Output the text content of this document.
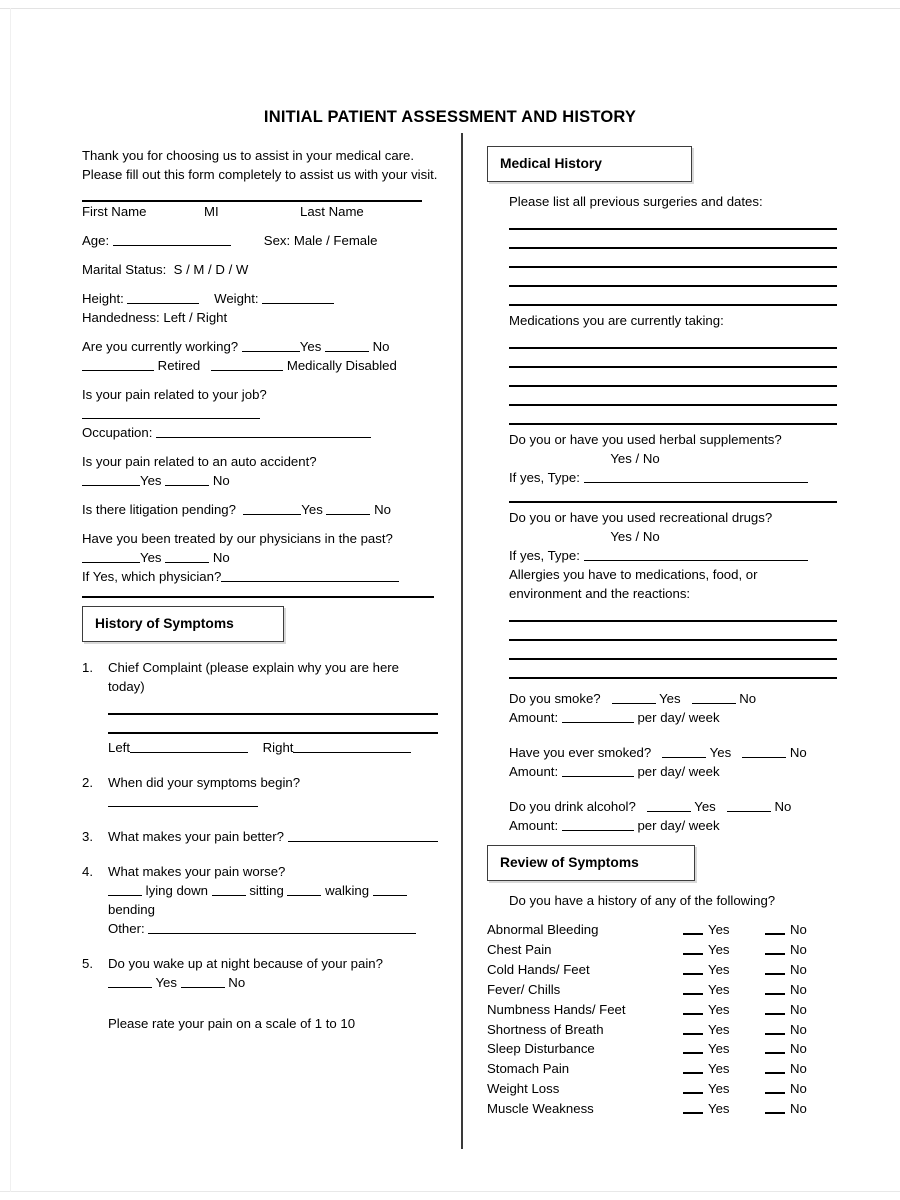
INITIAL PATIENT ASSESSMENT AND HISTORY

Thank you for choosing us to assist in your medical care. Please fill out this form completely to assist us with your visit.

First Name	MI	Last Name

Age:	Sex: Male / Female

Marital Status: S / M / D / W

Height:	Weight:

Handedness: Left / Right

Are you currently working?	Yes	No

Retired	Medically Disabled

Is your pain related to your job?

Occupation:

Is your pain related to an auto accident?

Yes	No

Is there litigation pending?	Yes	No

Have you been treated by our physicians in the past?

Yes	No

If Yes, which physician?

History of Symptoms
1. Chief Complaint (please explain why you are here today)
Left	Right
2. When did your symptoms begin?
3. What makes your pain better?
4. What makes your pain worse?
lying down	sitting	walking  bending
Other:
5. Do you wake up at night because of your pain?
Yes	No

Please rate your pain on a scale of 1 to 10

Medical History

Please list all previous surgeries and dates:

Medications you are currently taking:

Do you or have you used herbal supplements?

Yes / No

If yes, Type:

Do you or have you used recreational drugs?

Yes / No

If yes, Type:

Allergies you have to medications, food, or

environment and the reactions:

Do you smoke?	Yes	No

Amount:	per day/ week

Have you ever smoked?	Yes	No

Amount:	per day/ week

Do you drink alcohol?	Yes	No

Amount:	per day/ week

Review of Symptoms

Do you have a history of any of the following?

Abnormal Bleeding	Yes	No
Chest Pain	Yes	No
Cold Hands/ Feet	Yes	No
Fever/ Chills	Yes	No
Numbness Hands/ Feet	Yes	No
Shortness of Breath	Yes	No
Sleep Disturbance	Yes	No
Stomach Pain	Yes	No
Weight Loss	Yes	No
Muscle Weakness	Yes	No
